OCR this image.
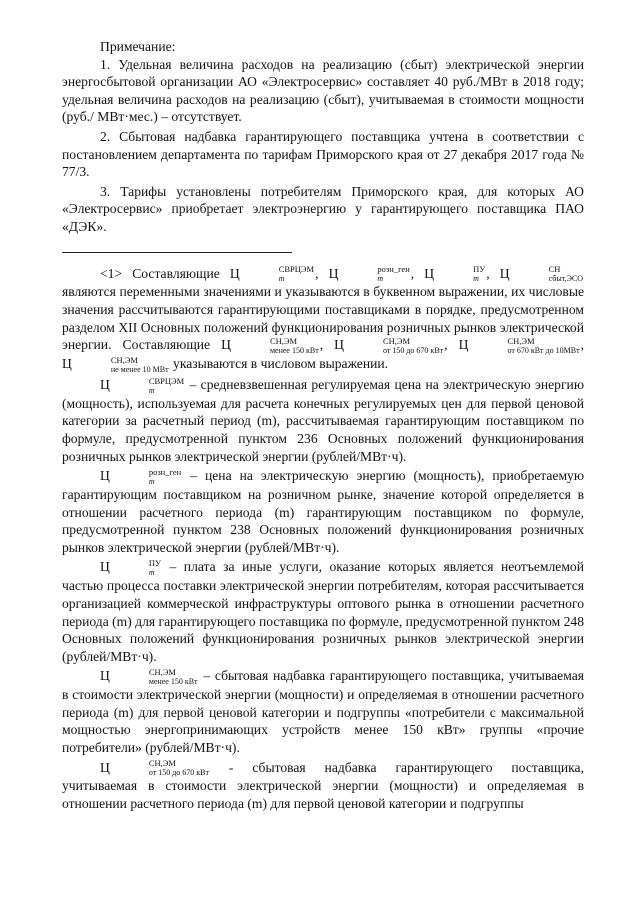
Примечание:

1. Удельная величина расходов на реализацию (сбыт) электрической энергии энергосбытовой организации АО «Электросервис» составляет 40 руб./МВт в 2018 году; удельная величина расходов на реализацию (сбыт), учитываемая в стоимости мощности (руб./ МВт·мес.) – отсутствует.

2. Сбытовая надбавка гарантирующего поставщика учтена в соответствии с постановлением департамента по тарифам Приморского края от 27 декабря 2017 года № 77/3.

3. Тарифы установлены потребителям Приморского края, для которых АО «Электросервис» приобретает электроэнергию у гарантирующего поставщика ПАО «ДЭК».

<1> Составляющие Ц	СВРЦЭМ
m	, Ц	розн_ген
m	, Ц	ПУ
m , Ц	СН
сбыт,ЭСО
являются переменными значениями и указываются в буквенном выражении, их числовые значения рассчитываются гарантирующими поставщиками в порядке, предусмотренном разделом XII Основных положений функционирования розничных рынков электрической энергии. Составляющие Ц	СН,ЭМ
менее 150 кВт , Ц	СН,ЭМ
от 150 до 670 кВт , Ц	СН,ЭМ
от 670 кВт до 10МВт , Ц	СН,ЭМ
не менее 10 МВт указываются в числовом выражении.

Ц	СВРЦЭМ
m	– средневзвешенная регулируемая цена на электрическую энергию (мощность), используемая для расчета конечных регулируемых цен для первой ценовой категории за расчетный период (m), рассчитываемая гарантирующим поставщиком по формуле, предусмотренной пунктом 236 Основных положений функционирования розничных рынков электрической энергии (рублей/МВт·ч).

Ц	розн_ген
m	– цена на электрическую энергию (мощность), приобретаемую гарантирующим поставщиком на розничном рынке, значение которой определяется в отношении расчетного периода (m) гарантирующим поставщиком по формуле, предусмотренной пунктом 238 Основных положений функционирования розничных рынков электрической энергии (рублей/МВт·ч).

Ц	ПУ
m – плата за иные услуги, оказание которых является неотъемлемой частью процесса поставки электрической энергии потребителям, которая рассчитывается организацией коммерческой инфраструктуры оптового рынка в отношении расчетного периода (m) для гарантирующего поставщика по формуле, предусмотренной пунктом 248 Основных положений функционирования розничных рынков электрической энергии (рублей/МВт·ч).

Ц	СН,ЭМ
менее 150 кВт – сбытовая надбавка гарантирующего поставщика, учитываемая в стоимости электрической энергии (мощности) и определяемая в отношении расчетного периода (m) для первой ценовой категории и подгруппы «потребители с максимальной мощностью энергопринимающих устройств менее 150 кВт» группы «прочие потребители» (рублей/МВт·ч).

Ц	СН,ЭМ
от 150 до 670 кВт - сбытовая надбавка гарантирующего поставщика, учитываемая в стоимости электрической энергии (мощности) и определяемая в отношении расчетного периода (m) для первой ценовой категории и подгруппы
